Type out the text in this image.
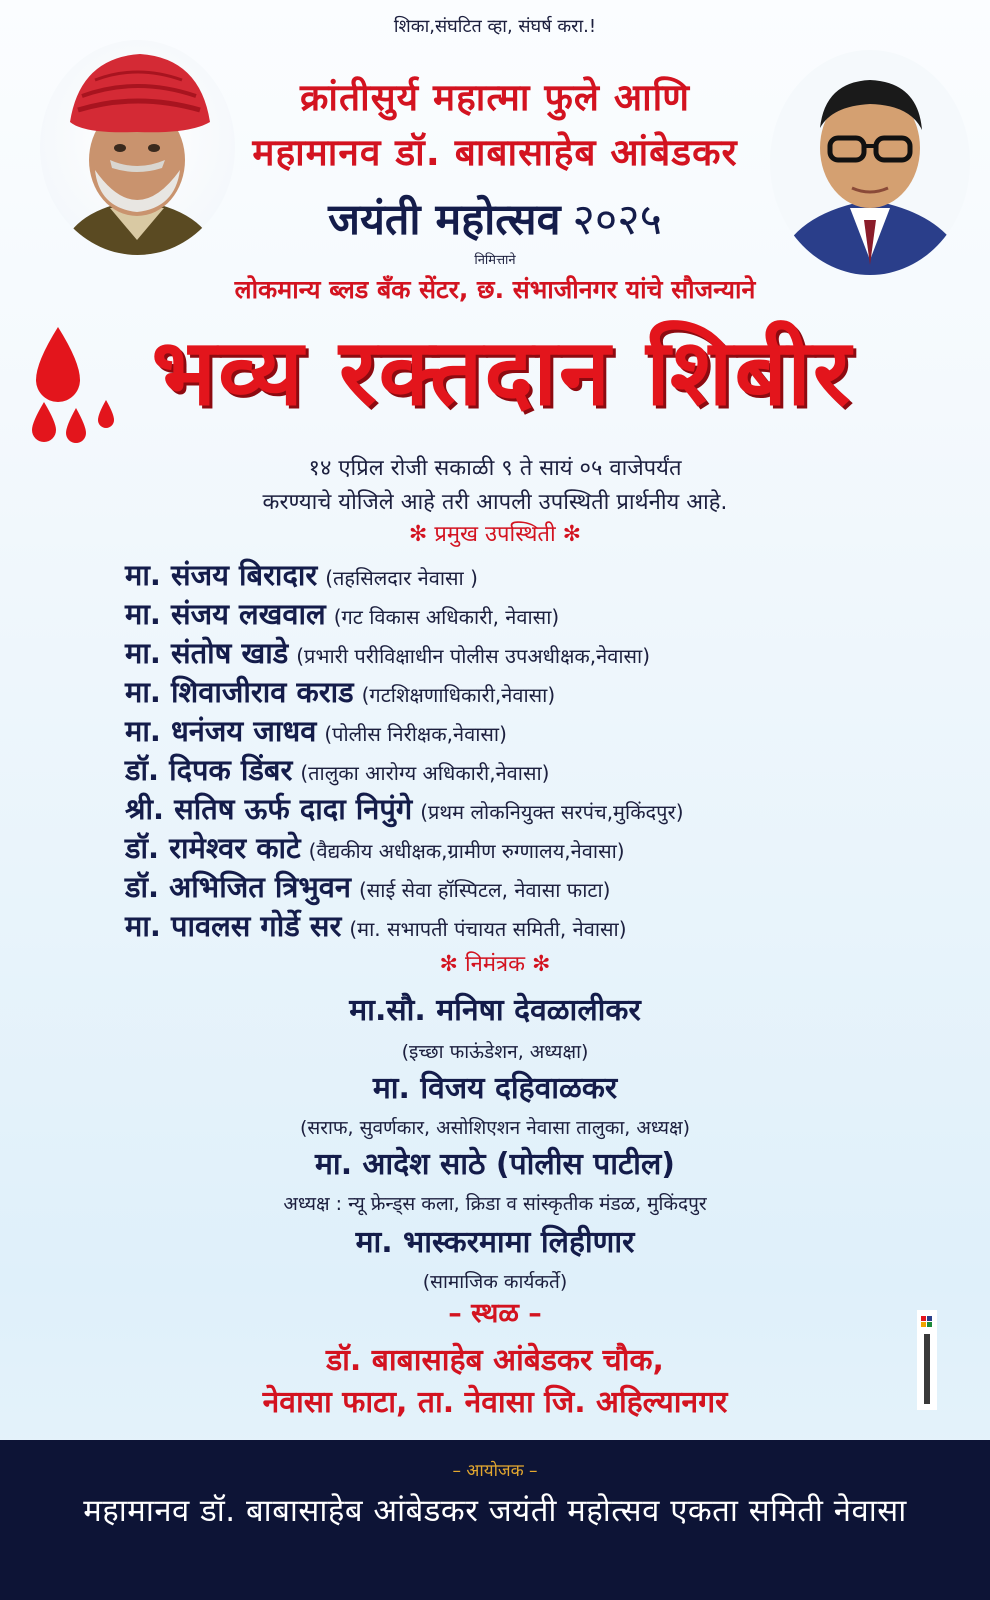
शिका,संघटित व्हा, संघर्ष करा.!
क्रांतीसुर्य महात्मा फुले आणि
महामानव डॉ. बाबासाहेब आंबेडकर
जयंती महोत्सव २०२५
निमित्ताने
लोकमान्य ब्लड बँक सेंटर, छ. संभाजीनगर यांचे सौजन्याने
भव्य रक्तदान शिबीर
१४ एप्रिल रोजी सकाळी ९ ते सायं ०५ वाजेपर्यंत
करण्याचे योजिले आहे तरी आपली उपस्थिती प्रार्थनीय आहे.
✻ प्रमुख उपस्थिती ✻
मा. संजय बिरादार (तहसिलदार नेवासा )
मा. संजय लखवाल (गट विकास अधिकारी, नेवासा)
मा. संतोष खाडे (प्रभारी परीविक्षाधीन पोलीस उपअधीक्षक,नेवासा)
मा. शिवाजीराव कराड (गटशिक्षणाधिकारी,नेवासा)
मा. धनंजय जाधव (पोलीस निरीक्षक,नेवासा)
डॉ. दिपक डिंबर (तालुका आरोग्य अधिकारी,नेवासा)
श्री. सतिष ऊर्फ दादा निपुंगे (प्रथम लोकनियुक्त सरपंच,मुकिंदपुर)
डॉ. रामेश्वर काटे (वैद्यकीय अधीक्षक,ग्रामीण रुग्णालय,नेवासा)
डॉ. अभिजित त्रिभुवन (साई सेवा हॉस्पिटल, नेवासा फाटा)
मा. पावलस गोर्डे सर (मा. सभापती पंचायत समिती, नेवासा)
✻ निमंत्रक ✻
मा.सौ. मनिषा देवळालीकर
(इच्छा फाऊंडेशन, अध्यक्षा)
मा. विजय दहिवाळकर
(सराफ, सुवर्णकार, असोशिएशन नेवासा तालुका, अध्यक्ष)
मा. आदेश साठे (पोलीस पाटील)
अध्यक्ष : न्यू फ्रेन्ड्स कला, क्रिडा व सांस्कृतीक मंडळ, मुकिंदपुर
मा. भास्करमामा लिहीणार
(सामाजिक कार्यकर्ते)
– स्थळ –
डॉ. बाबासाहेब आंबेडकर चौक,
नेवासा फाटा, ता. नेवासा जि. अहिल्यानगर
– आयोजक –
महामानव डॉ. बाबासाहेब आंबेडकर जयंती महोत्सव एकता समिती नेवासा
